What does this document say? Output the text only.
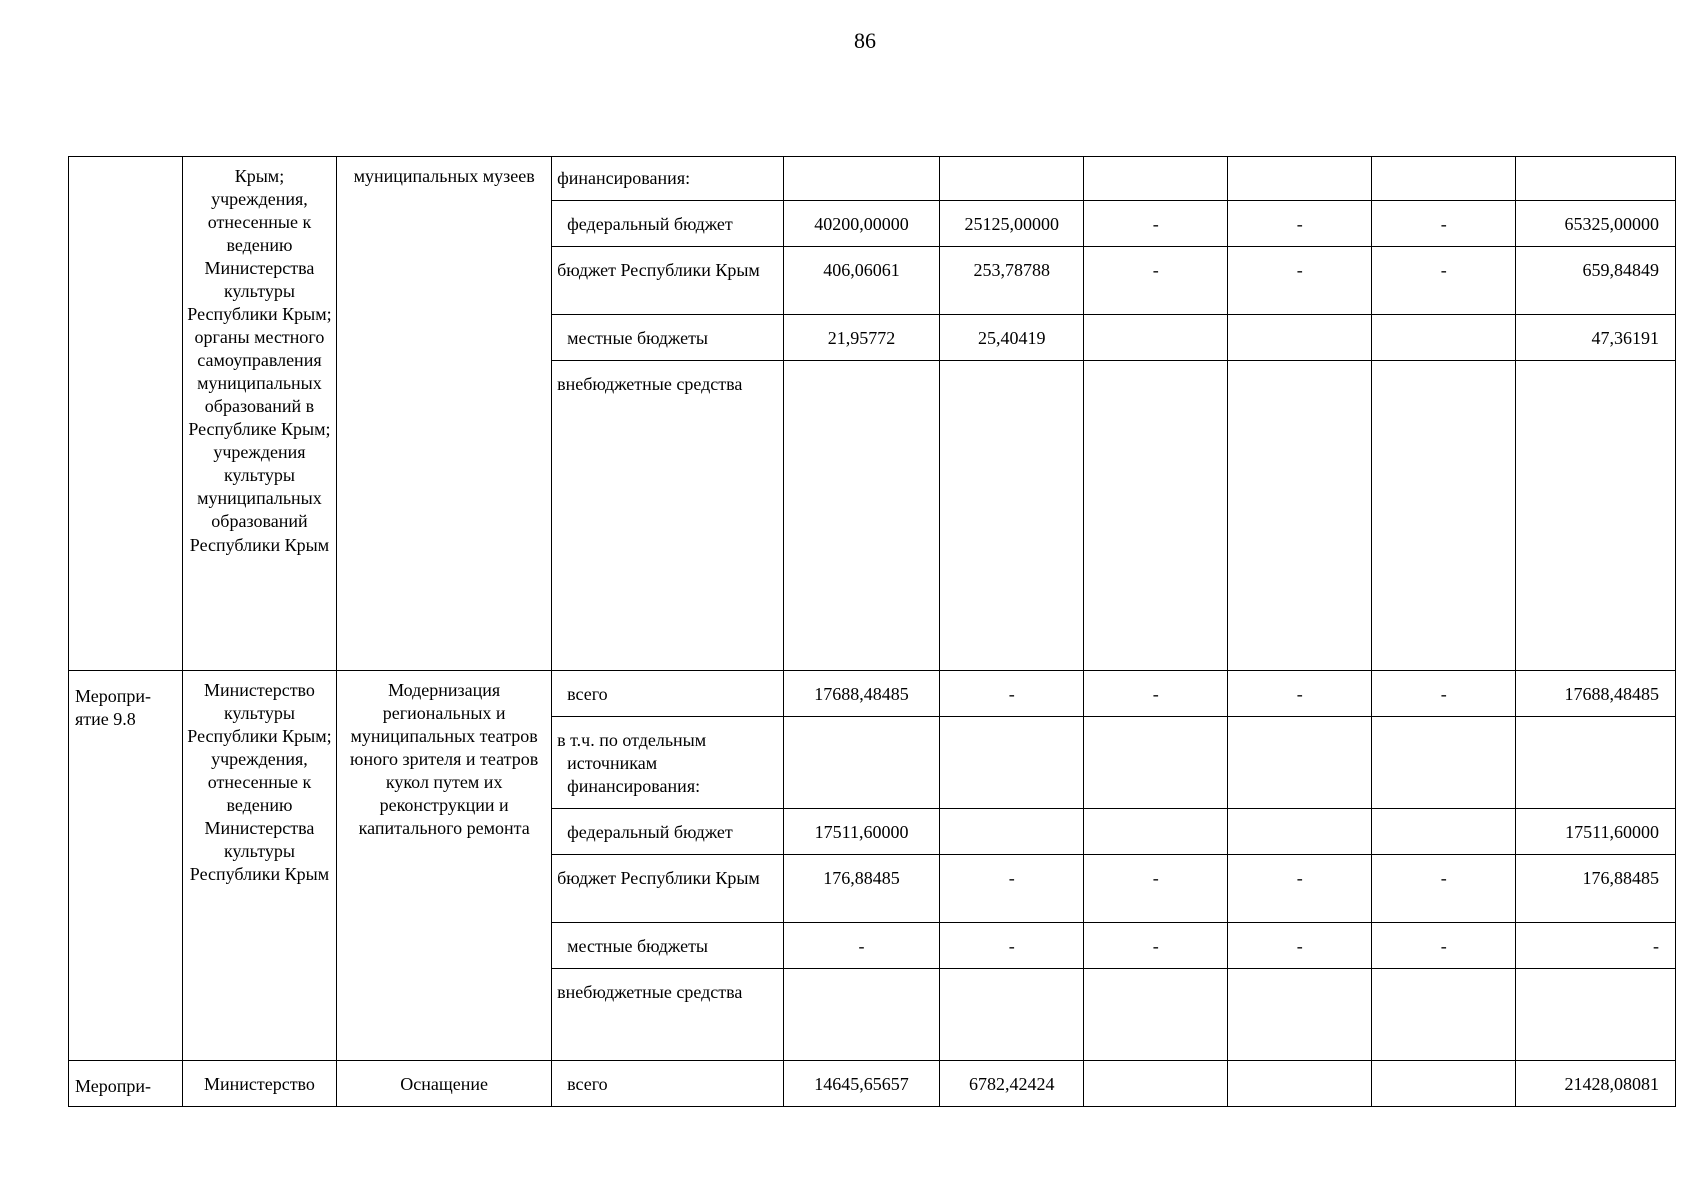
86
	Крым; учреждения, отнесенные к ведению Министерства культуры Республики Крым; органы местного самоуправления муниципальных образований в Республике Крым; учреждения культуры муниципальных образований Республики Крым	муниципальных музеев	финансирования:						

			федеральный бюджет	40200,00000	25125,00000	-	-	-	65325,00000

			бюджет Республики Крым	406,06061	253,78788	-	-	-	659,84849

			местные бюджеты	21,95772	25,40419				47,36191

			внебюджетные средства						

Меропри-ятие 9.8	Министерство культуры Республики Крым; учреждения, отнесенные к ведению Министерства культуры Республики Крым	Модернизация региональных и муниципальных театров юного зрителя и театров кукол путем их реконструкции и капитального ремонта	всего	17688,48485	-	-	-	-	17688,48485

			в т.ч. по отдельным источникам финансирования:						

			федеральный бюджет	17511,60000					17511,60000

			бюджет Республики Крым	176,88485	-	-	-	-	176,88485

			местные бюджеты	-	-	-	-	-	-

			внебюджетные средства						

Меропри-	Министерство	Оснащение	всего	14645,65657	6782,42424				21428,08081
